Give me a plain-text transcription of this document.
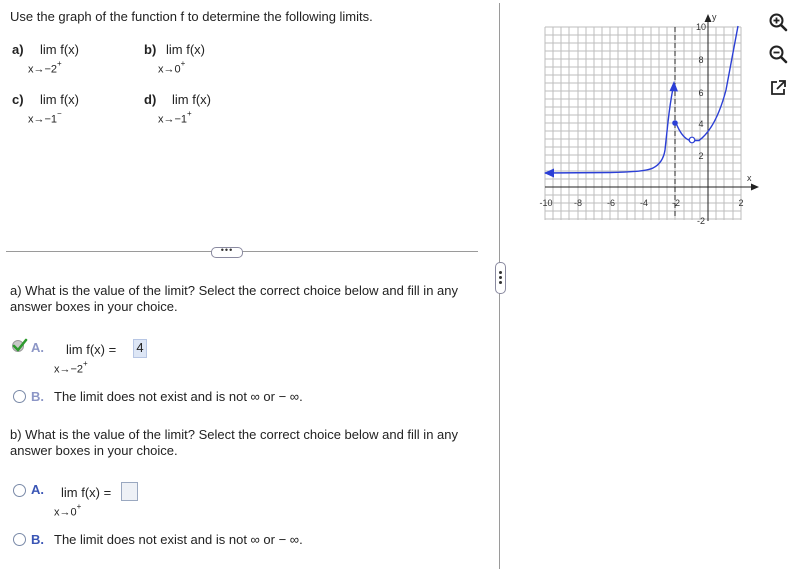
Use the graph of the function f to determine the following limits.
a) lim f(x)
x→−2+
b) lim f(x)
x→0+
c) lim f(x)
x→−1−
d) lim f(x)
x→−1+
•••
a) What is the value of the limit? Select the correct choice below and fill in any answer boxes in your choice.
A. lim f(x) = 4
x→−2+
B. The limit does not exist and is not ∞ or − ∞.
b) What is the value of the limit? Select the correct choice below and fill in any answer boxes in your choice.
A. lim f(x) =
x→0+
B. The limit does not exist and is not ∞ or − ∞.
-10 -8	-6	-4	-2	2
10
8
6
4
2
-2
x
y
